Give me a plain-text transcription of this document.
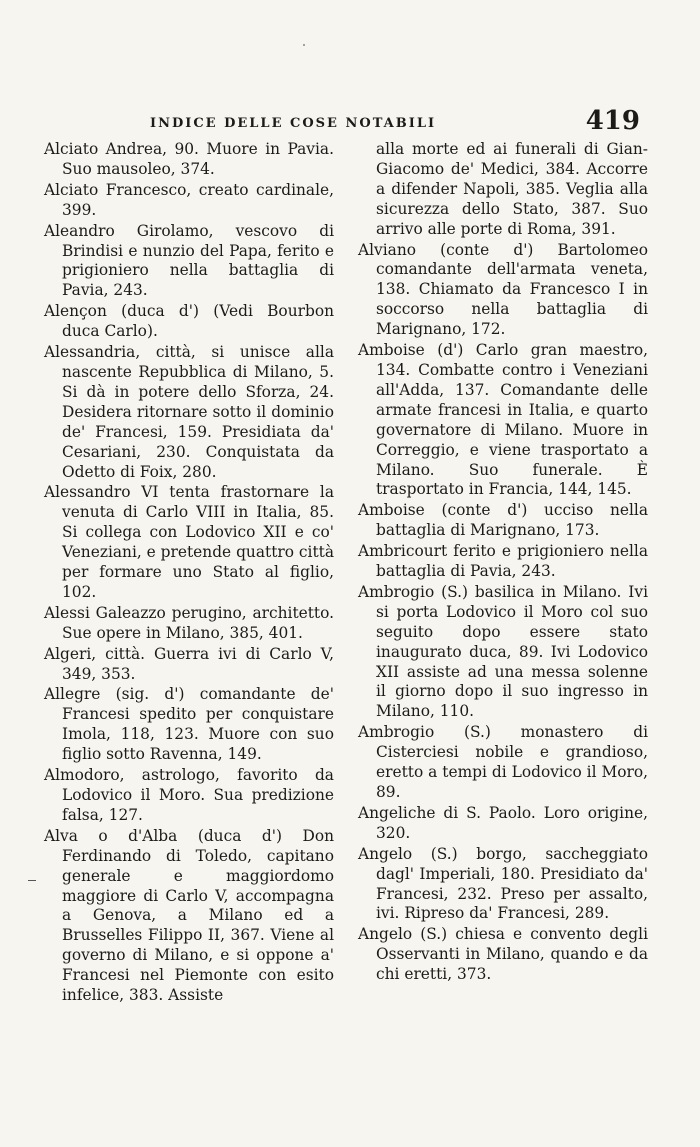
INDICE DELLE COSE NOTABILI	419

Alciato Andrea, 90. Muore in Pavia. Suo mausoleo, 374.

Alciato Francesco, creato cardinale, 399.

Aleandro Girolamo, vescovo di Brindisi e nunzio del Papa, ferito e prigioniero nella battaglia di Pavia, 243.

Alençon (duca d') (Vedi Bourbon duca Carlo).

Alessandria, città, si unisce alla nascente Repubblica di Milano, 5. Si dà in potere dello Sforza, 24. Desidera ritornare sotto il dominio de' Francesi, 159. Presidiata da' Cesariani, 230. Conquistata da Odetto di Foix, 280.

Alessandro VI tenta frastornare la venuta di Carlo VIII in Italia, 85. Si collega con Lodovico XII e co' Veneziani, e pretende quattro città per formare uno Stato al figlio, 102.

Alessi Galeazzo perugino, architetto. Sue opere in Milano, 385, 401.

Algeri, città. Guerra ivi di Carlo V, 349, 353.

Allegre (sig. d') comandante de' Francesi spedito per conquistare Imola, 118, 123. Muore con suo figlio sotto Ravenna, 149.

Almodoro, astrologo, favorito da Lodovico il Moro. Sua predizione falsa, 127.

Alva o d'Alba (duca d') Don Ferdinando di Toledo, capitano generale e maggiordomo maggiore di Carlo V, accompagna a Genova, a Milano ed a Brusselles Filippo II, 367. Viene al governo di Milano, e si oppone a' Francesi nel Piemonte con esito infelice, 383. Assiste

alla morte ed ai funerali di Gian-Giacomo de' Medici, 384. Accorre a difender Napoli, 385. Veglia alla sicurezza dello Stato, 387. Suo arrivo alle porte di Roma, 391.

Alviano (conte d') Bartolomeo comandante dell'armata veneta, 138. Chiamato da Francesco I in soccorso nella battaglia di Marignano, 172.

Amboise (d') Carlo gran maestro, 134. Combatte contro i Veneziani all'Adda, 137. Comandante delle armate francesi in Italia, e quarto governatore di Milano. Muore in Correggio, e viene trasportato a Milano. Suo funerale. È trasportato in Francia, 144, 145.

Amboise (conte d') ucciso nella battaglia di Marignano, 173.

Ambricourt ferito e prigioniero nella battaglia di Pavia, 243.

Ambrogio (S.) basilica in Milano. Ivi si porta Lodovico il Moro col suo seguito dopo essere stato inaugurato duca, 89. Ivi Lodovico XII assiste ad una messa solenne il giorno dopo il suo ingresso in Milano, 110.

Ambrogio (S.) monastero di Cisterciesi nobile e grandioso, eretto a tempi di Lodovico il Moro, 89.

Angeliche di S. Paolo. Loro origine, 320.

Angelo (S.) borgo, saccheggiato dagl' Imperiali, 180. Presidiato da' Francesi, 232. Preso per assalto, ivi. Ripreso da' Francesi, 289.

Angelo (S.) chiesa e convento degli Osservanti in Milano, quando e da chi eretti, 373.
